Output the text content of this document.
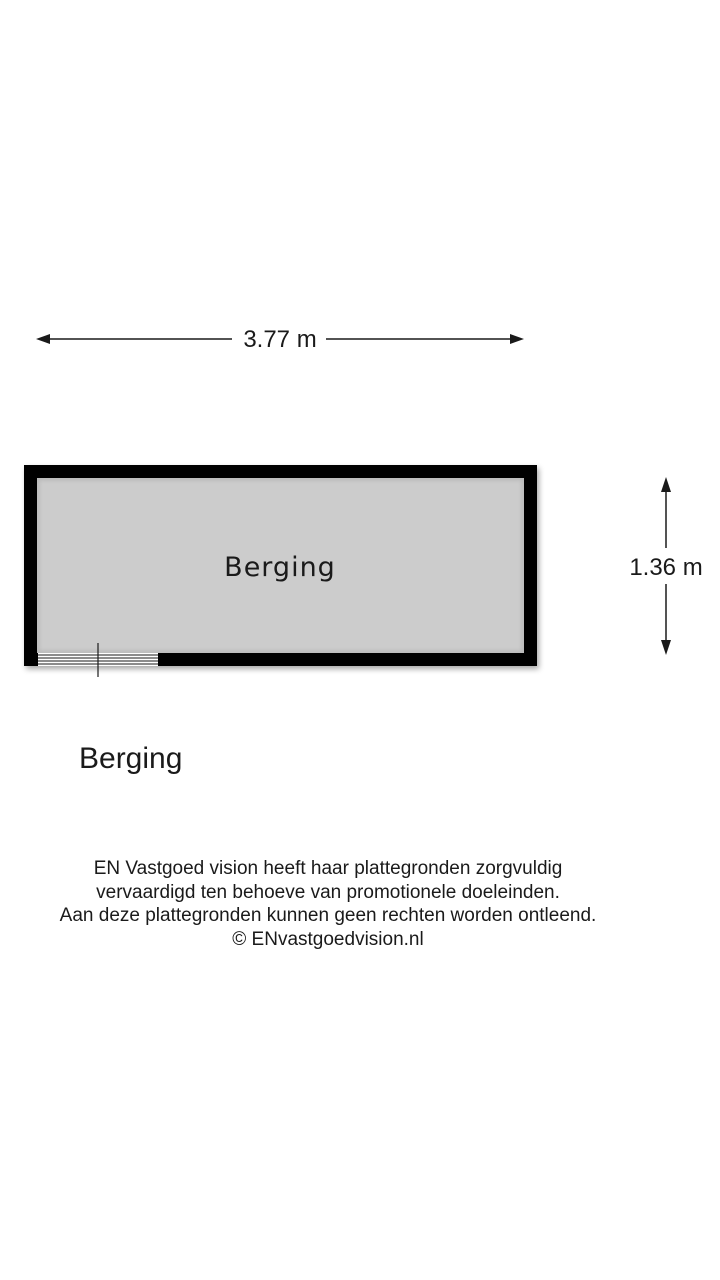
3.77 m
1.36 m
Berging
Berging
EN Vastgoed vision heeft haar plattegronden zorgvuldig
vervaardigd ten behoeve van promotionele doeleinden.
Aan deze plattegronden kunnen geen rechten worden ontleend.
© ENvastgoedvision.nl
